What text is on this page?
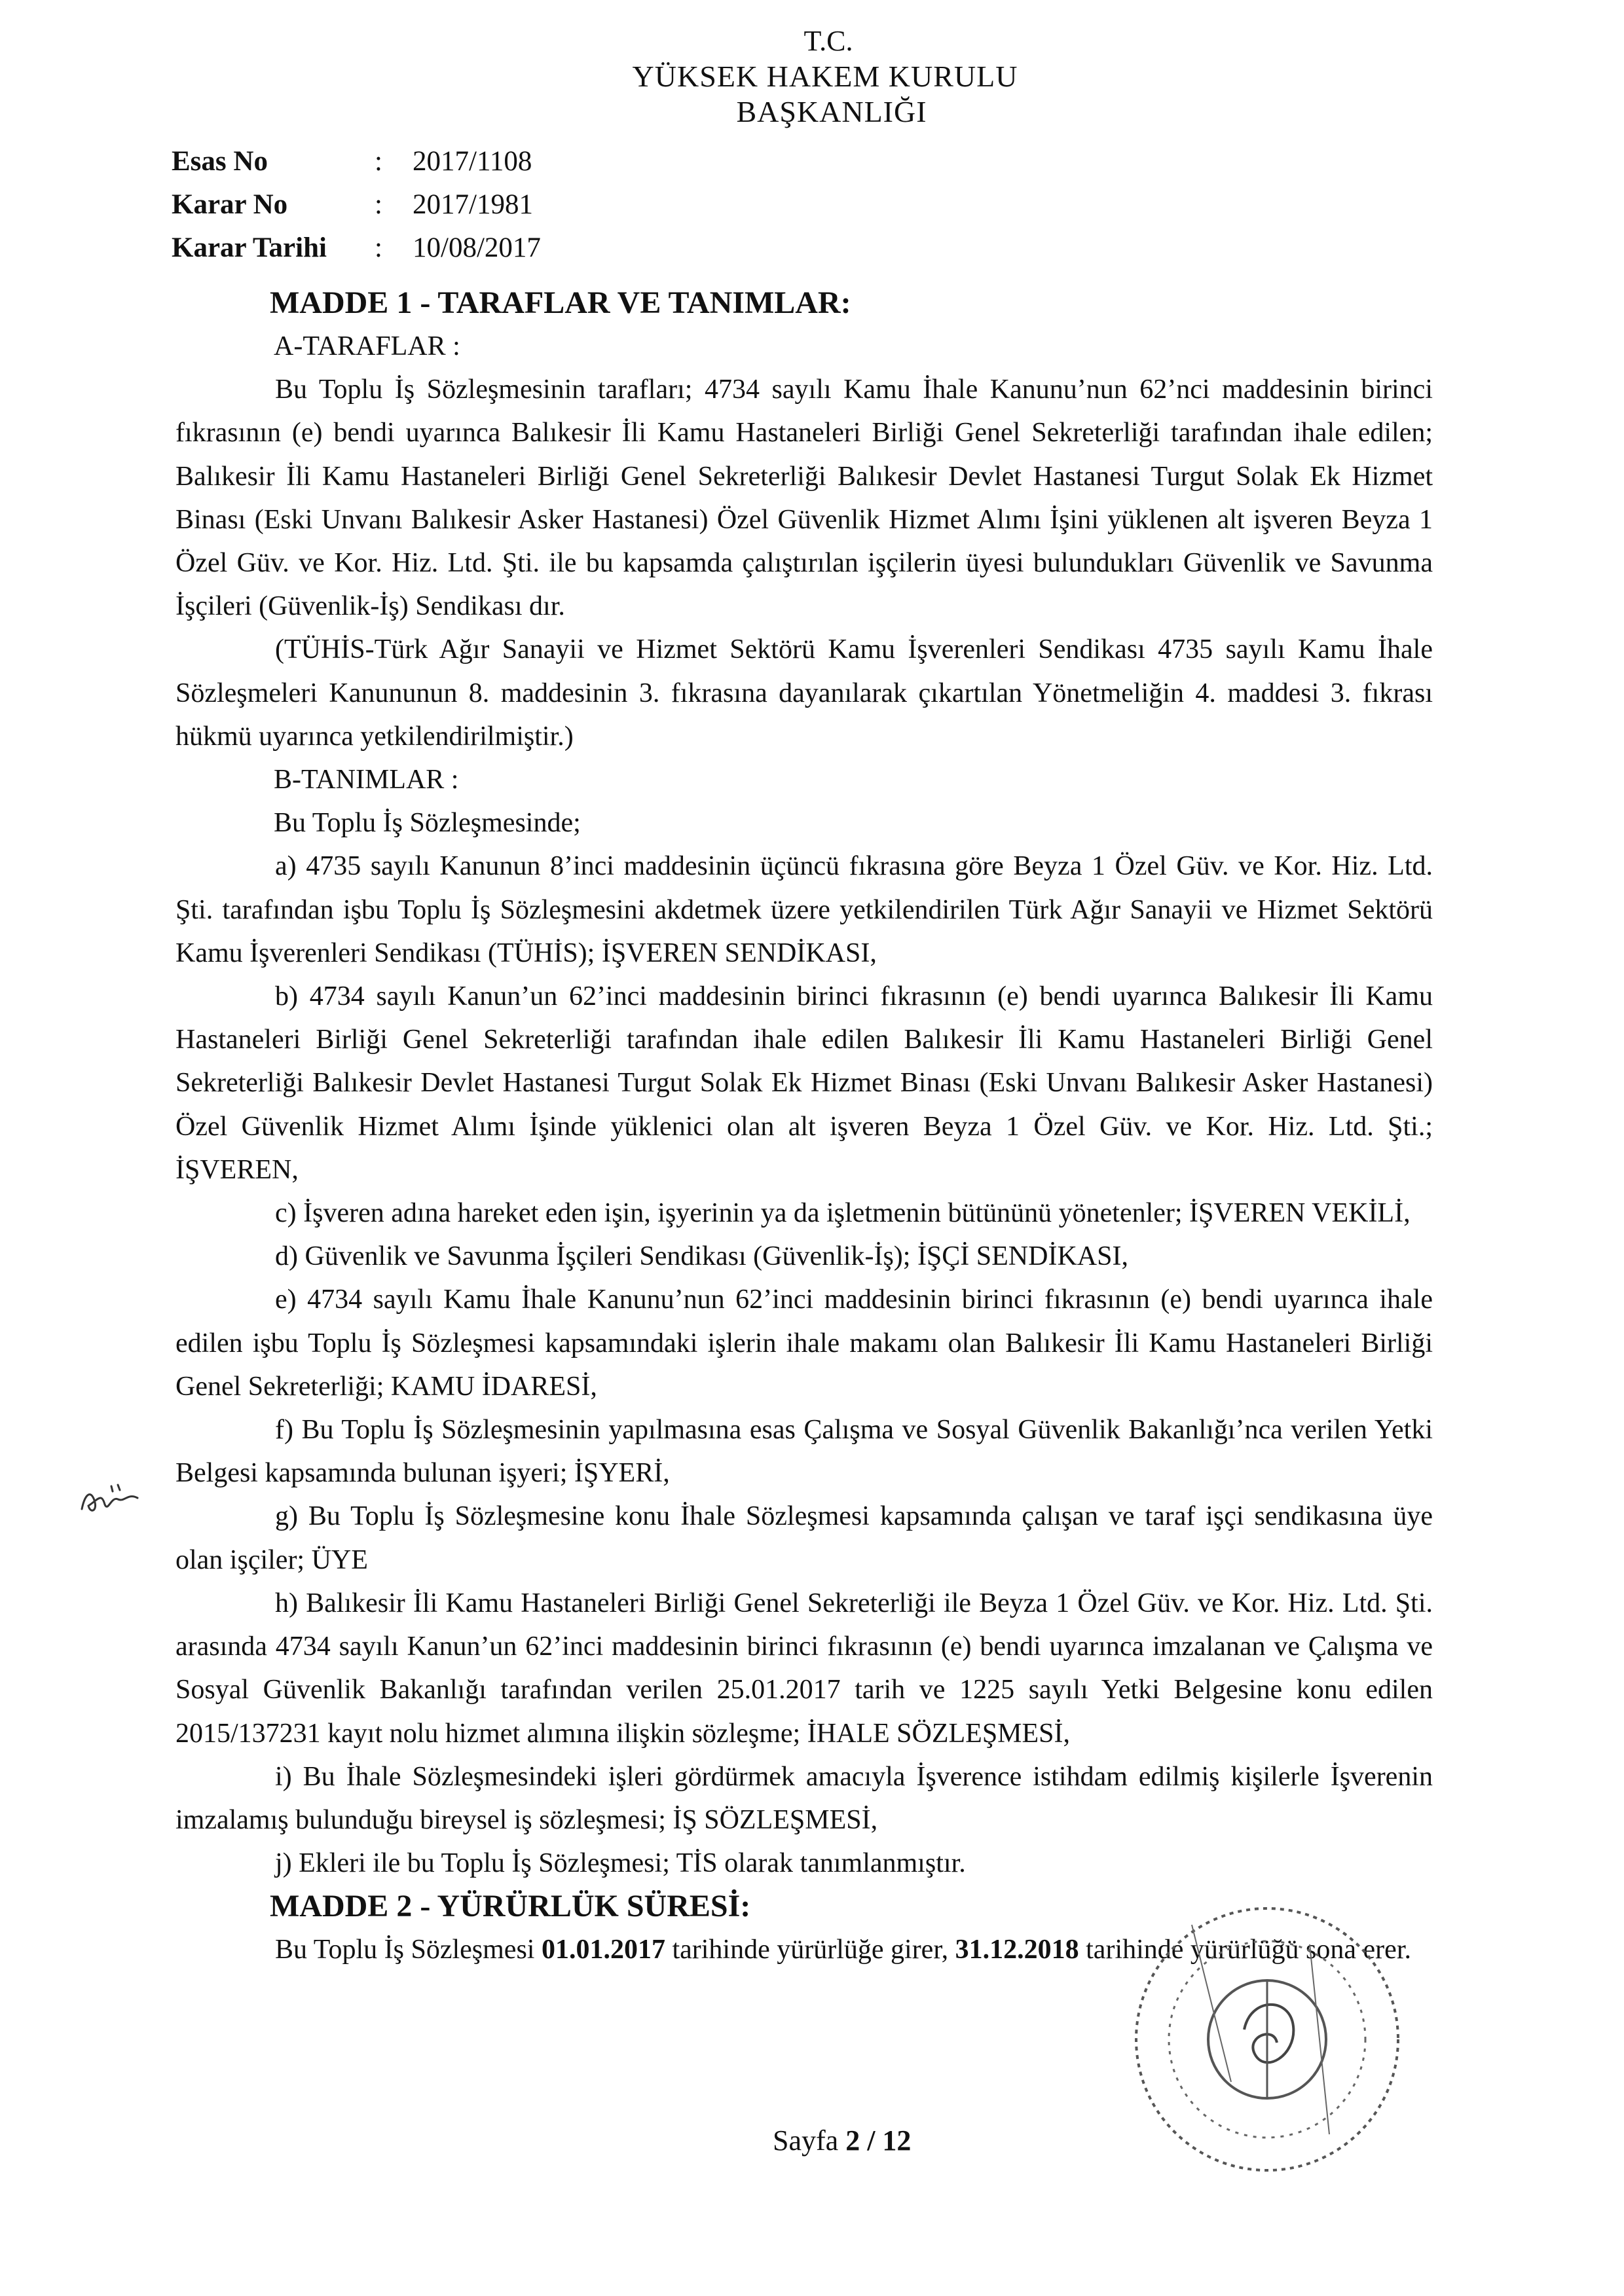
T.C.
YÜKSEK HAKEM KURULU
BAŞKANLIĞI
Esas No	:	2017/1108
Karar No	:	2017/1981
Karar Tarihi	:	10/08/2017

MADDE 1 - TARAFLAR VE TANIMLAR:

A-TARAFLAR :

Bu Toplu İş Sözleşmesinin tarafları; 4734 sayılı Kamu İhale Kanunu’nun 62’nci maddesinin birinci fıkrasının (e) bendi uyarınca Balıkesir İli Kamu Hastaneleri Birliği Genel Sekreterliği tarafından ihale edilen; Balıkesir İli Kamu Hastaneleri Birliği Genel Sekreterliği Balıkesir Devlet Hastanesi Turgut Solak Ek Hizmet Binası (Eski Unvanı Balıkesir Asker Hastanesi) Özel Güvenlik Hizmet Alımı İşini yüklenen alt işveren Beyza 1 Özel Güv. ve Kor. Hiz. Ltd. Şti. ile bu kapsamda çalıştırılan işçilerin üyesi bulundukları Güvenlik ve Savunma İşçileri (Güvenlik-İş) Sendikası dır.

(TÜHİS-Türk Ağır Sanayii ve Hizmet Sektörü Kamu İşverenleri Sendikası 4735 sayılı Kamu İhale Sözleşmeleri Kanununun 8. maddesinin 3. fıkrasına dayanılarak çıkartılan Yönetmeliğin 4. maddesi 3. fıkrası hükmü uyarınca yetkilendirilmiştir.)

B-TANIMLAR :

Bu Toplu İş Sözleşmesinde;

a) 4735 sayılı Kanunun 8’inci maddesinin üçüncü fıkrasına göre Beyza 1 Özel Güv. ve Kor. Hiz. Ltd. Şti. tarafından işbu Toplu İş Sözleşmesini akdetmek üzere yetkilendirilen Türk Ağır Sanayii ve Hizmet Sektörü Kamu İşverenleri Sendikası (TÜHİS); İŞVEREN SENDİKASI,

b) 4734 sayılı Kanun’un 62’inci maddesinin birinci fıkrasının (e) bendi uyarınca Balıkesir İli Kamu Hastaneleri Birliği Genel Sekreterliği tarafından ihale edilen Balıkesir İli Kamu Hastaneleri Birliği Genel Sekreterliği Balıkesir Devlet Hastanesi Turgut Solak Ek Hizmet Binası (Eski Unvanı Balıkesir Asker Hastanesi) Özel Güvenlik Hizmet Alımı İşinde yüklenici olan alt işveren Beyza 1 Özel Güv. ve Kor. Hiz. Ltd. Şti.; İŞVEREN,

c) İşveren adına hareket eden işin, işyerinin ya da işletmenin bütününü yönetenler; İŞVEREN VEKİLİ,

d) Güvenlik ve Savunma İşçileri Sendikası (Güvenlik-İş); İŞÇİ SENDİKASI,

e) 4734 sayılı Kamu İhale Kanunu’nun 62’inci maddesinin birinci fıkrasının (e) bendi uyarınca ihale edilen işbu Toplu İş Sözleşmesi kapsamındaki işlerin ihale makamı olan Balıkesir İli Kamu Hastaneleri Birliği Genel Sekreterliği; KAMU İDARESİ,

f) Bu Toplu İş Sözleşmesinin yapılmasına esas Çalışma ve Sosyal Güvenlik Bakanlığı’nca verilen Yetki Belgesi kapsamında bulunan işyeri; İŞYERİ,

g) Bu Toplu İş Sözleşmesine konu İhale Sözleşmesi kapsamında çalışan ve taraf işçi sendikasına üye olan işçiler; ÜYE

h) Balıkesir İli Kamu Hastaneleri Birliği Genel Sekreterliği ile Beyza 1 Özel Güv. ve Kor. Hiz. Ltd. Şti. arasında 4734 sayılı Kanun’un 62’inci maddesinin birinci fıkrasının (e) bendi uyarınca imzalanan ve Çalışma ve Sosyal Güvenlik Bakanlığı tarafından verilen 25.01.2017 tarih ve 1225 sayılı Yetki Belgesine konu edilen 2015/137231 kayıt nolu hizmet alımına ilişkin sözleşme; İHALE SÖZLEŞMESİ,

i) Bu İhale Sözleşmesindeki işleri gördürmek amacıyla İşverence istihdam edilmiş kişilerle İşverenin imzalamış bulunduğu bireysel iş sözleşmesi; İŞ SÖZLEŞMESİ,

j) Ekleri ile bu Toplu İş Sözleşmesi; TİS olarak tanımlanmıştır.

MADDE 2 - YÜRÜRLÜK SÜRESİ:

Bu Toplu İş Sözleşmesi 01.01.2017 tarihinde yürürlüğe girer, 31.12.2018 tarihinde yürürlüğü sona erer.

Sayfa 2 / 12
